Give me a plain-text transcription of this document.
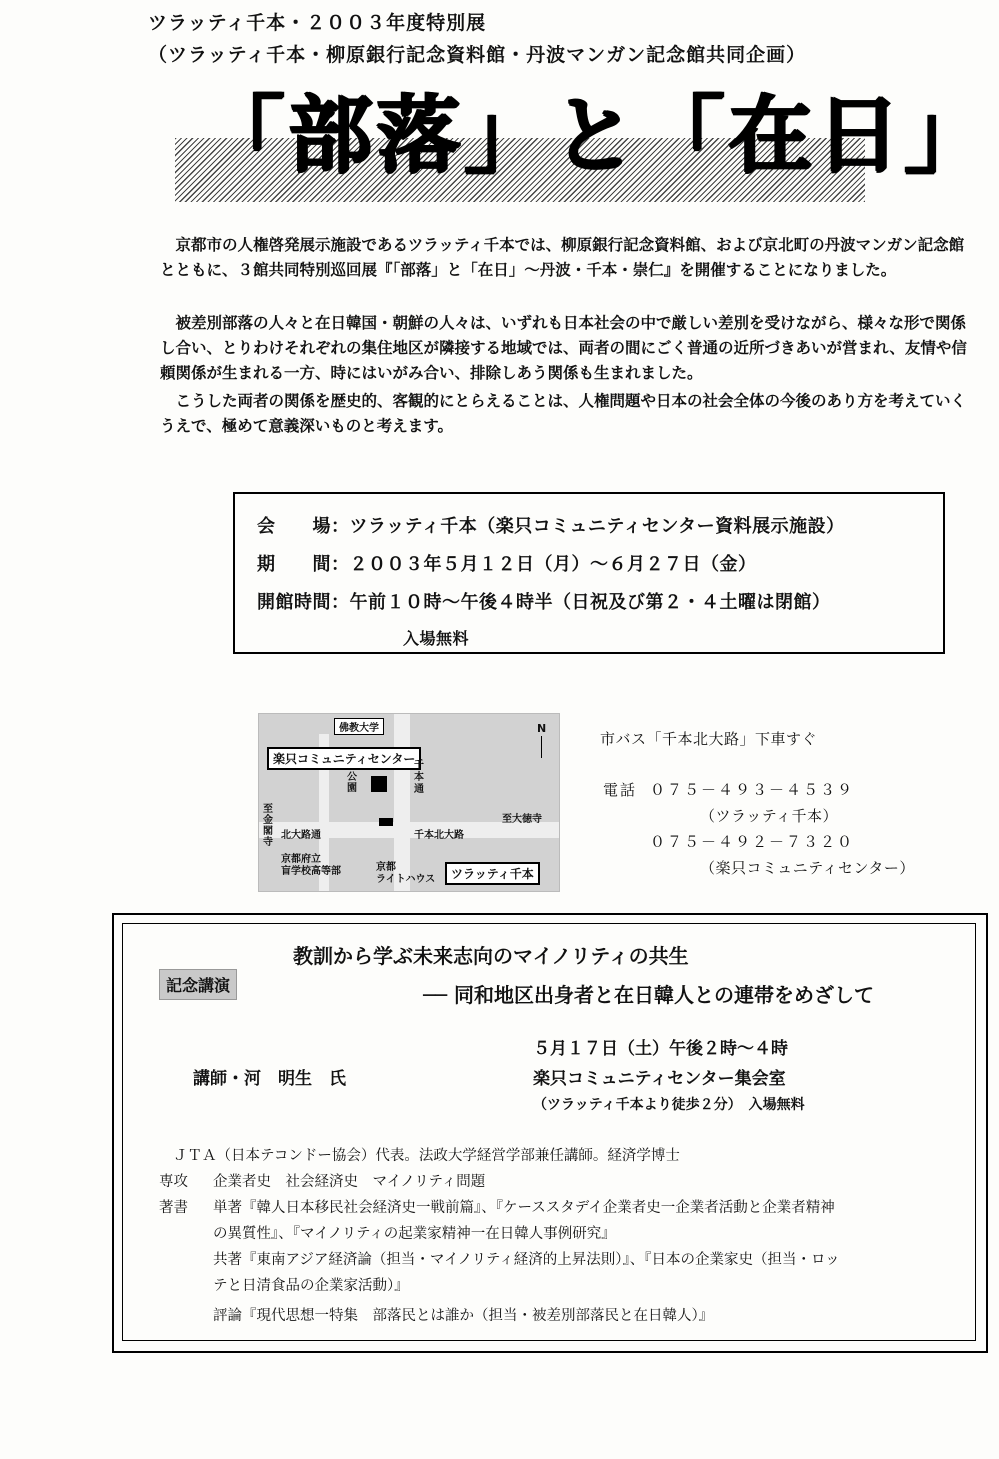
ツラッティ千本・２００３年度特別展
（ツラッティ千本・柳原銀行記念資料館・丹波マンガン記念館共同企画）
「部落」と「在日」
京都市の人権啓発展示施設であるツラッティ千本では、柳原銀行記念資料館、および京北町の丹波マンガン記念館とともに、３館共同特別巡回展『「部落」と「在日」～丹波・千本・崇仁』を開催することになりました。
被差別部落の人々と在日韓国・朝鮮の人々は、いずれも日本社会の中で厳しい差別を受けながら、様々な形で関係し合い、とりわけそれぞれの集住地区が隣接する地域では、両者の間にごく普通の近所づきあいが営まれ、友情や信頼関係が生まれる一方、時にはいがみ合い、排除しあう関係も生まれました。
こうした両者の関係を歴史的、客観的にとらえることは、人権問題や日本の社会全体の今後のあり方を考えていくうえで、極めて意義深いものと考えます。
会　　場：ツラッティ千本（楽只コミュニティセンター資料展示施設）
期　　間：２００３年５月１２日（月）～６月２７日（金）
開館時間：午前１０時～午後４時半（日祝及び第２・４土曜は閉館）
入場無料
佛教大学
楽只コミュニティセンター
公
園
千
本
通
北大路通
至
金
閣
寺
至大徳寺
千本北大路
京都府立
盲学校高等部	京都
ライトハウス	ツラッティ千本
N
市バス「千本北大路」下車すぐ
電話 ０７５－４９３－４５３９
（ツラッティ千本）
０７５－４９２－７３２０
（楽只コミュニティセンター）
記念講演
教訓から学ぶ未来志向のマイノリティの共生
── 同和地区出身者と在日韓人との連帯をめざして
５月１７日（土）午後２時～４時
楽只コミュニティセンター集会室
（ツラッティ千本より徒歩２分）　入場無料
講師・河　明生　氏
ＪＴＡ（日本テコンドー協会）代表。法政大学経営学部兼任講師。経済学博士
専攻 企業者史　社会経済史　マイノリティ問題
著書 単著『韓人日本移民社会経済史一戦前篇』、『ケーススタデイ企業者史一企業者活動と企業者精神
の異質性』、『マイノリティの起業家精神一在日韓人事例研究』
共著『東南アジア経済論（担当・マイノリティ経済的上昇法則）』、『日本の企業家史（担当・ロッ
テと日清食品の企業家活動）』
評論『現代思想一特集　部落民とは誰か（担当・被差別部落民と在日韓人）』
